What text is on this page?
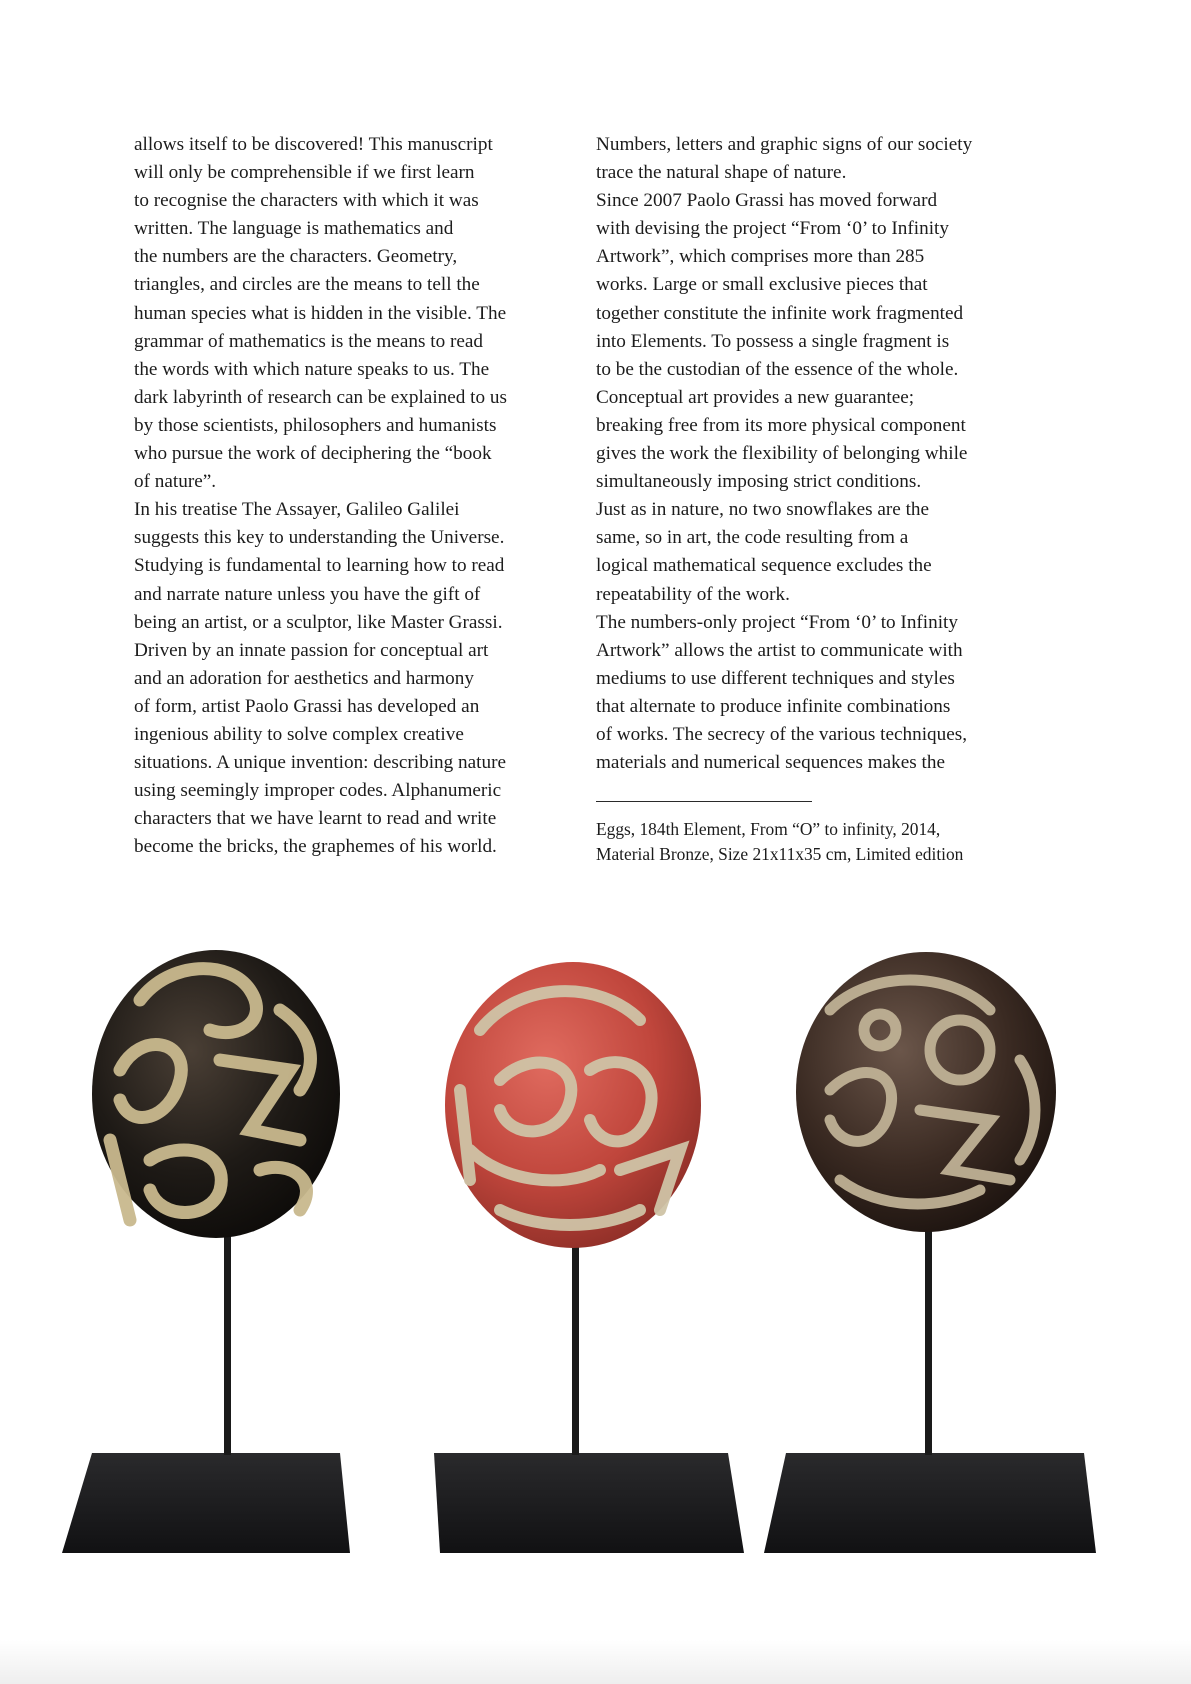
allows itself to be discovered! This manuscript
will only be comprehensible if we first learn
to recognise the characters with which it was
written. The language is mathematics and
the numbers are the characters. Geometry,
triangles, and circles are the means to tell the
human species what is hidden in the visible. The
grammar of mathematics is the means to read
the words with which nature speaks to us. The
dark labyrinth of research can be explained to us
by those scientists, philosophers and humanists
who pursue the work of deciphering the “book
of nature”.
In his treatise The Assayer, Galileo Galilei
suggests this key to understanding the Universe.
Studying is fundamental to learning how to read
and narrate nature unless you have the gift of
being an artist, or a sculptor, like Master Grassi.
Driven by an innate passion for conceptual art
and an adoration for aesthetics and harmony
of form, artist Paolo Grassi has developed an
ingenious ability to solve complex creative
situations. A unique invention: describing nature
using seemingly improper codes. Alphanumeric
characters that we have learnt to read and write
become the bricks, the graphemes of his world.
Numbers, letters and graphic signs of our society
trace the natural shape of nature.
Since 2007 Paolo Grassi has moved forward
with devising the project “From ‘0’ to Infinity
Artwork”, which comprises more than 285
works. Large or small exclusive pieces that
together constitute the infinite work fragmented
into Elements. To possess a single fragment is
to be the custodian of the essence of the whole.
Conceptual art provides a new guarantee;
breaking free from its more physical component
gives the work the flexibility of belonging while
simultaneously imposing strict conditions.
Just as in nature, no two snowflakes are the
same, so in art, the code resulting from a
logical mathematical sequence excludes the
repeatability of the work.
The numbers-only project “From ‘0’ to Infinity
Artwork” allows the artist to communicate with
mediums to use different techniques and styles
that alternate to produce infinite combinations
of works. The secrecy of the various techniques,
materials and numerical sequences makes the
Eggs, 184th Element, From “O” to infinity, 2014,
Material Bronze, Size 21x11x35 cm, Limited edition
